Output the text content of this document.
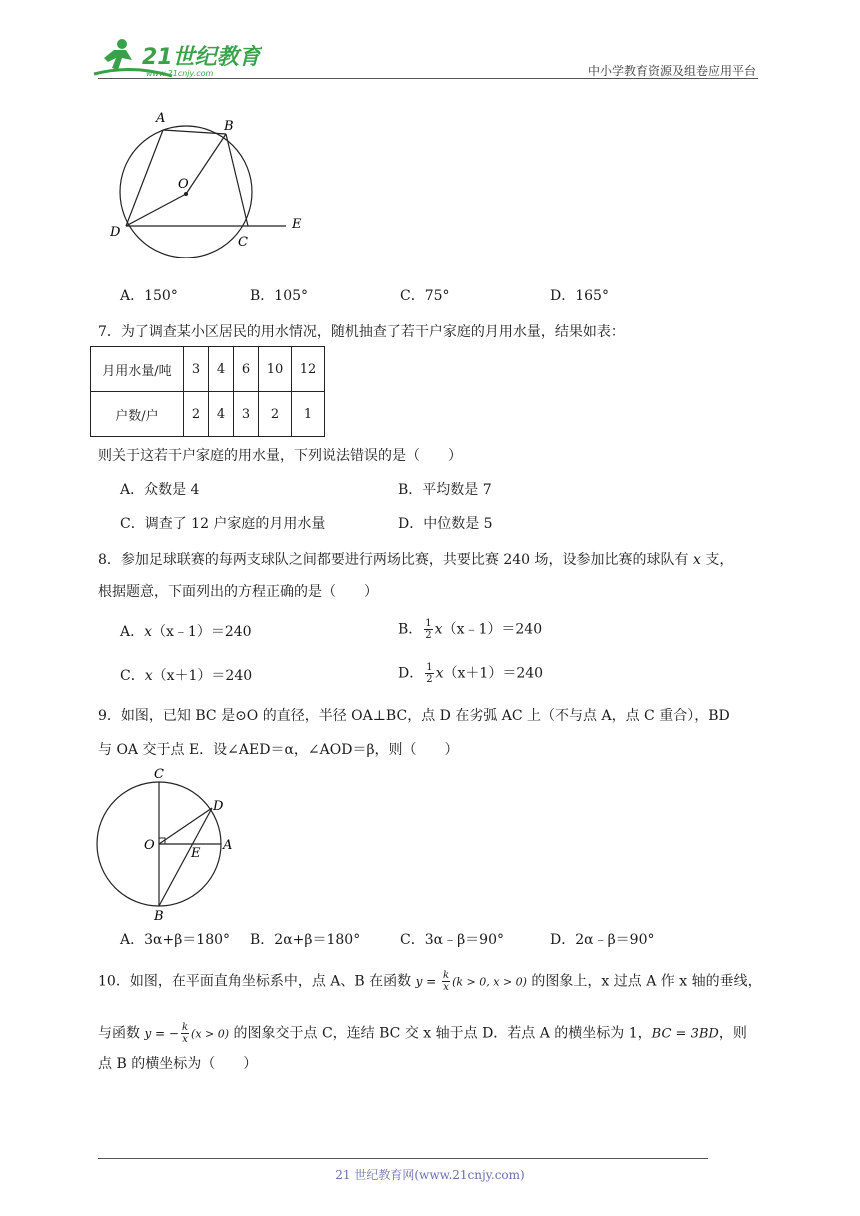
21世纪教育
www.21cnjy.com	中小学教育资源及组卷应用平台
A
B
O
D
C
E
A．150°	B．105°	C．75°	D．165°
7．为了调查某小区居民的用水情况，随机抽查了若干户家庭的月用水量，结果如表：
月用水量/吨	3	4	6	10	12
户数/户	2	4	3	2	1
则关于这若干户家庭的用水量，下列说法错误的是（　　）
A．众数是 4	B．平均数是 7
C．调查了 12 户家庭的月用水量	D．中位数是 5
8．参加足球联赛的每两支球队之间都要进行两场比赛，共要比赛 240 场，设参加比赛的球队有 x 支，
根据题意，下面列出的方程正确的是（　　）
A．x（x﹣1）＝240	B． $\frac{1}{2}$ x（x﹣1）＝240
C．x（x＋1）＝240	D． $\frac{1}{2} x(x+1)=240$
9．如图，已知 BC 是⊙O 的直径，半径 OA⊥BC，点 D 在劣弧 AC 上（不与点 A，点 C 重合），BD
与 OA 交于点 E．设∠AED＝α，∠AOD＝β，则（　　）
C
D
O
E
A
B
A．3α+β＝180° B．2α+β＝180°	C．3α﹣β＝90°	D．2α﹣β＝90°
10．如图，在平面直角坐标系中，点 A、B 在函数 $y = \frac{k}{x} (k > 0$, x > 0) 的图象上，x 过点 A 作 x 轴的垂线，
与函数 y = − $\frac{k}{x} (x > 0)$ 的图象交于点 C，连结 BC 交 x 轴于点 D．若点 A 的横坐标为 1，BC = 3BD，则
点 B 的横坐标为（　　）
21 世纪教育网(www.21cnjy.com)
